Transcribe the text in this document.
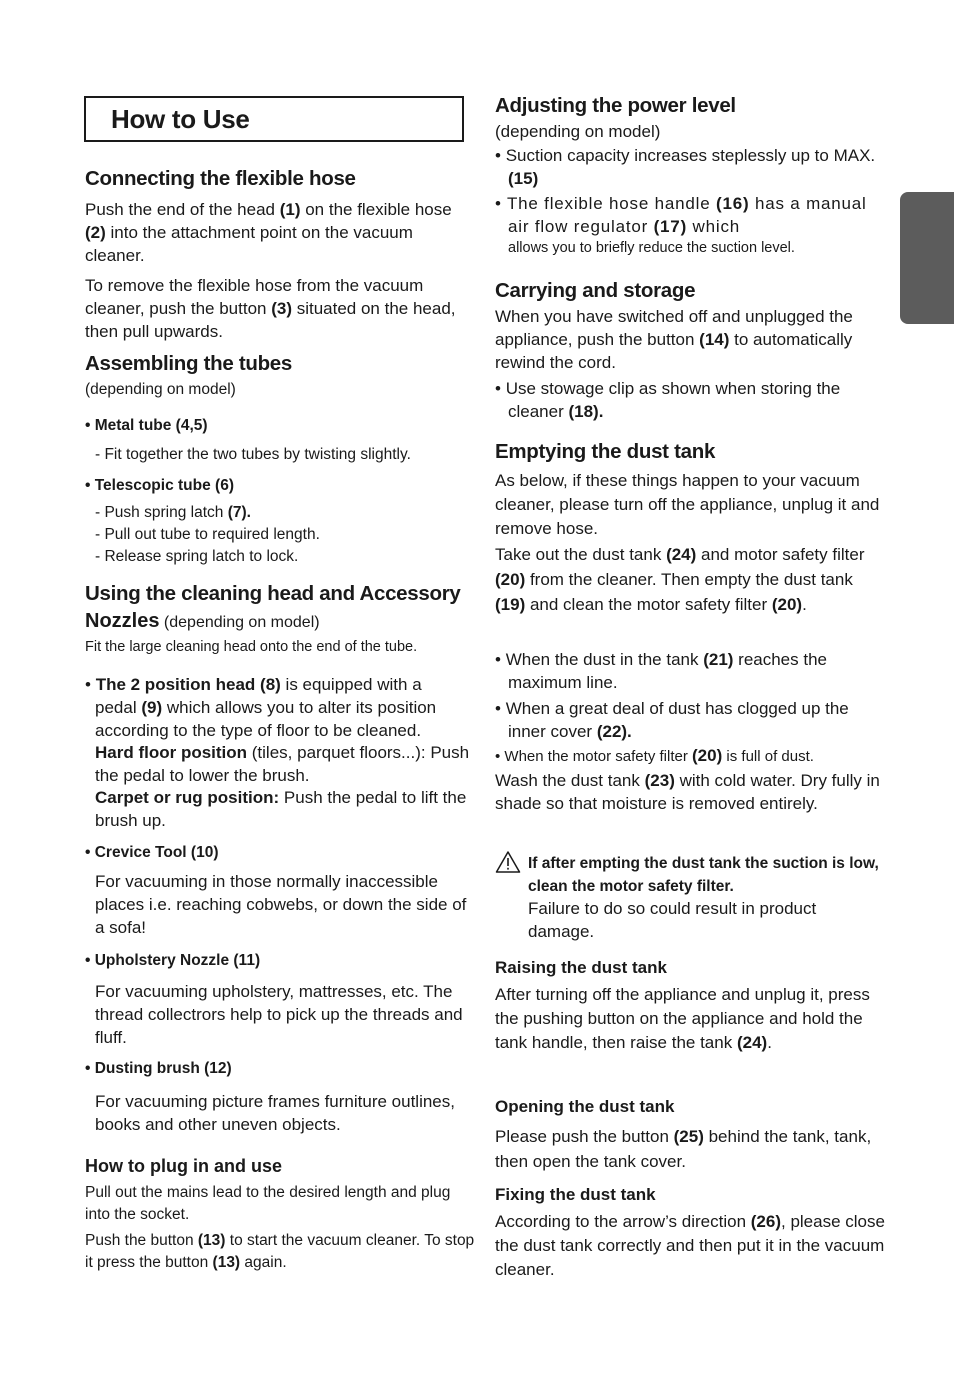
How to Use
Connecting the flexible hose

Push the end of the head (1) on the flexible hose (2) into the attachment point on the vacuum cleaner.

To remove the flexible hose from the vacuum cleaner, push the button (3) situated on the head, then pull upwards.

Assembling the tubes

(depending on model)

• Metal tube (4,5)

- Fit together the two tubes by twisting slightly.

• Telescopic tube (6)

- Push spring latch (7).

- Pull out tube to required length.

- Release spring latch to lock.

Using the cleaning head and Accessory

Nozzles (depending on model)

Fit the large cleaning head onto the end of the tube.

• The 2 position head (8) is equipped with a

pedal (9) which allows you to alter its position according to the type of floor to be cleaned.

Hard floor position (tiles, parquet floors...): Push the pedal to lower the brush.

Carpet or rug position: Push the pedal to lift the brush up.

• Crevice Tool (10)

For vacuuming in those normally inaccessible places i.e. reaching cobwebs, or down the side of a sofa!

• Upholstery Nozzle (11)

For vacuuming upholstery, mattresses, etc. The thread collectrors help to pick up the threads and fluff.

• Dusting brush (12)

For vacuuming picture frames furniture outlines, books and other uneven objects.

How to plug in and use

Pull out the mains lead to the desired length and plug into the socket.

Push the button (13) to start the vacuum cleaner. To stop it press the button (13) again.

Adjusting the power level

(depending on model)

• Suction capacity increases steplessly up to MAX.(15)

• The flexible hose handle (16) has a manual air flow regulator (17) which

allows you to briefly reduce the suction level.

Carrying and storage

When you have switched off and unplugged the appliance, push the button (14) to automatically rewind the cord.

• Use stowage clip as shown when storing the cleaner (18).

Emptying the dust tank

As below, if these things happen to your vacuum cleaner, please turn off the appliance, unplug it and remove hose.

Take out the dust tank (24) and motor safety filter (20) from the cleaner. Then empty the dust tank (19) and clean the motor safety filter (20).

• When the dust in the tank (21) reaches the maximum line.

• When a great deal of dust has clogged up the inner cover (22).

• When the motor safety filter (20) is full of dust.

Wash the dust tank (23) with cold water. Dry fully in shade so that moisture is removed entirely.

If after empting the dust tank the suction is low, clean the motor safety filter.

Failure to do so could result in product damage.

Raising the dust tank

After turning off the appliance and unplug it, press the pushing button on the appliance and hold the tank handle, then raise the tank (24).

Opening the dust tank

Please push the button (25) behind the tank, tank, then open the tank cover.

Fixing the dust tank

According to the arrow’s direction (26), please close the dust tank correctly and then put it in the vacuum cleaner.
